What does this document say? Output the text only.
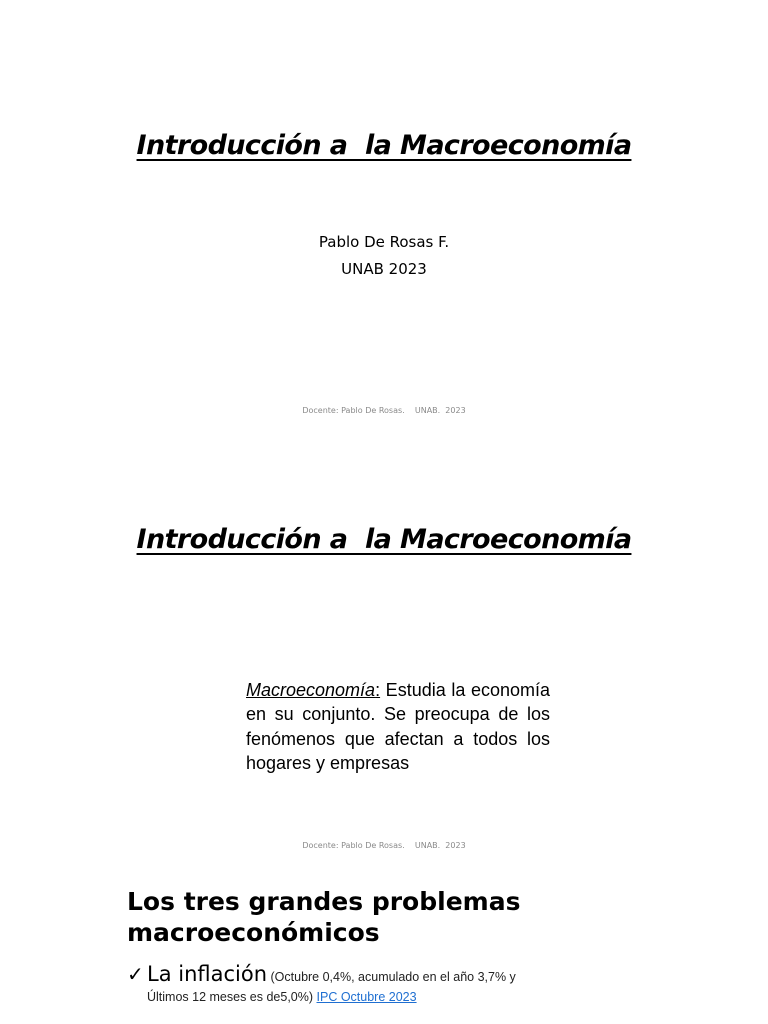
Introducción a  la Macroeconomía
Pablo De Rosas F.
UNAB 2023
Docente: Pablo De Rosas.    UNAB.  2023
Introducción a  la Macroeconomía
Macroeconomía: Estudia la economía en su conjunto. Se preocupa de los fenómenos que afectan a todos los hogares y empresas
Docente: Pablo De Rosas.    UNAB.  2023
Los tres grandes problemas
macroeconómicos
✓ La inflación (Octubre 0,4%, acumulado en el año 3,7% y
Últimos 12 meses es de5,0%) IPC Octubre 2023
